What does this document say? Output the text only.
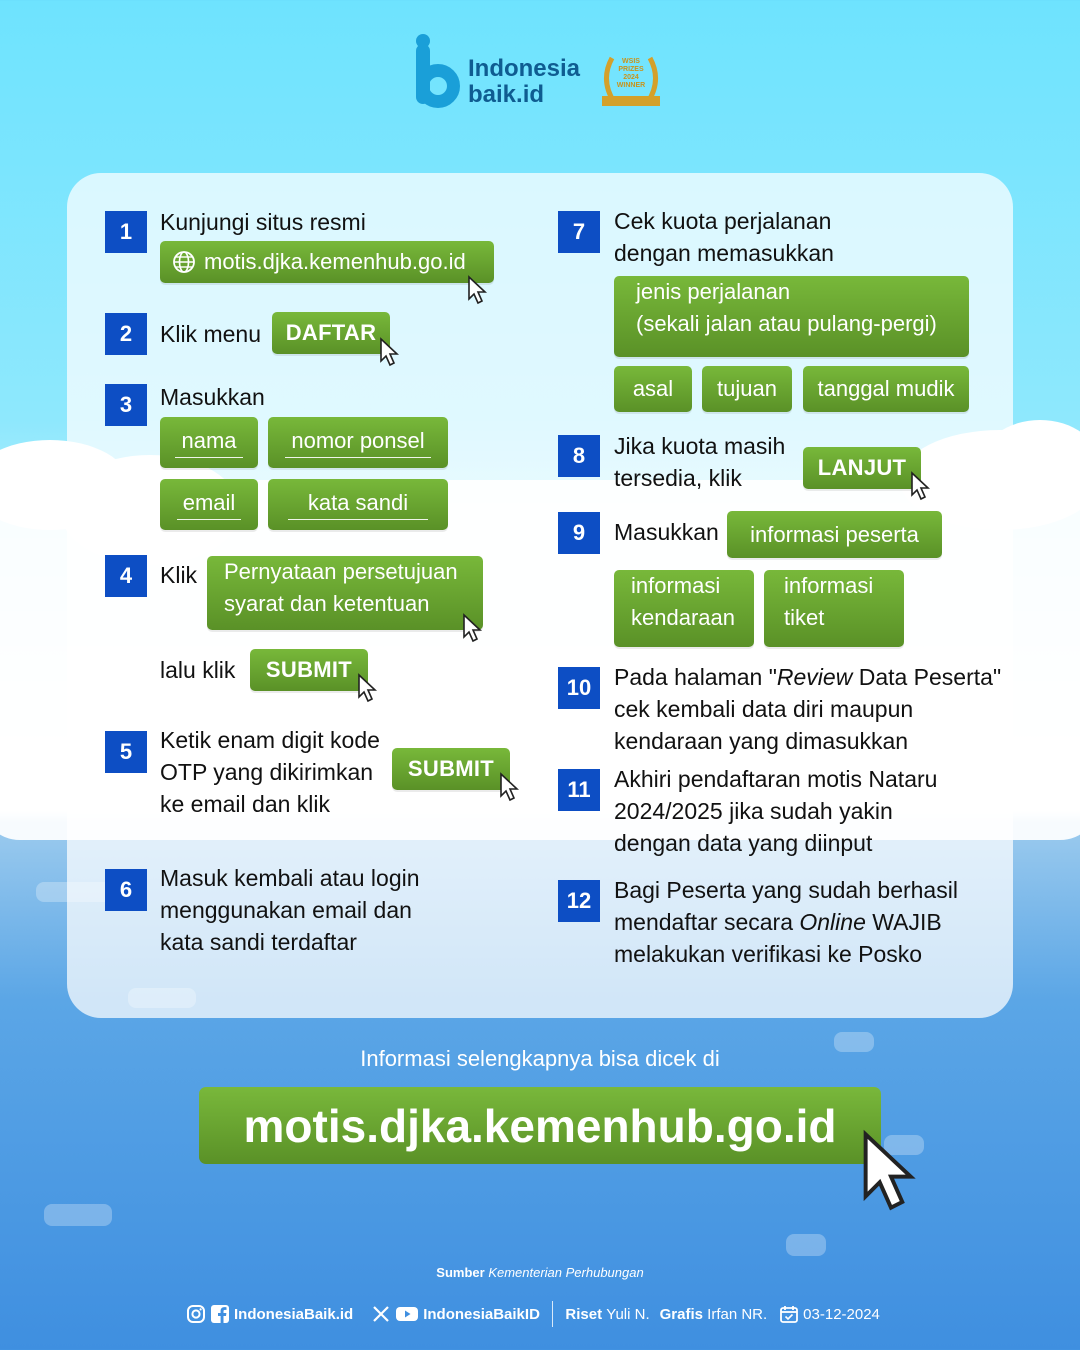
Indonesia
baik.id
WSIS PRIZES 2024 WINNER
1	Kunjungi situs resmi
motis.djka.kemenhub.go.id
2	Klik menu	DAFTAR
3	Masukkan
nama nomor ponsel
email	kata sandi
4	Klik Pernyataan persetujuan
syarat dan ketentuan
lalu klik	SUBMIT
5	Ketik enam digit kode
OTP yang dikirimkan
ke email dan klik
SUBMIT
6	Masuk kembali atau login
menggunakan email dan
kata sandi terdaftar
7	Cek kuota perjalanan
dengan memasukkan
jenis perjalanan
(sekali jalan atau pulang-pergi)
asal	tujuan	tanggal mudik
8	Jika kuota masih
tersedia, klik	LANJUT
9	Masukkan	informasi peserta
informasi
kendaraan
informasi
tiket
10 Pada halaman "Review Data Peserta"
cek kembali data diri maupun
kendaraan yang dimasukkan
11	Akhiri pendaftaran motis Nataru
2024/2025 jika sudah yakin
dengan data yang diinput
12 Bagi Peserta yang sudah berhasil
mendaftar secara Online WAJIB
melakukan verifikasi ke Posko
Informasi selengkapnya bisa dicek di
motis.djka.kemenhub.go.id
Sumber Kementerian Perhubungan
IndonesiaBaik.id	IndonesiaBaikID Riset
Yuli N. Grafis
Irfan NR. 03-12-2024
